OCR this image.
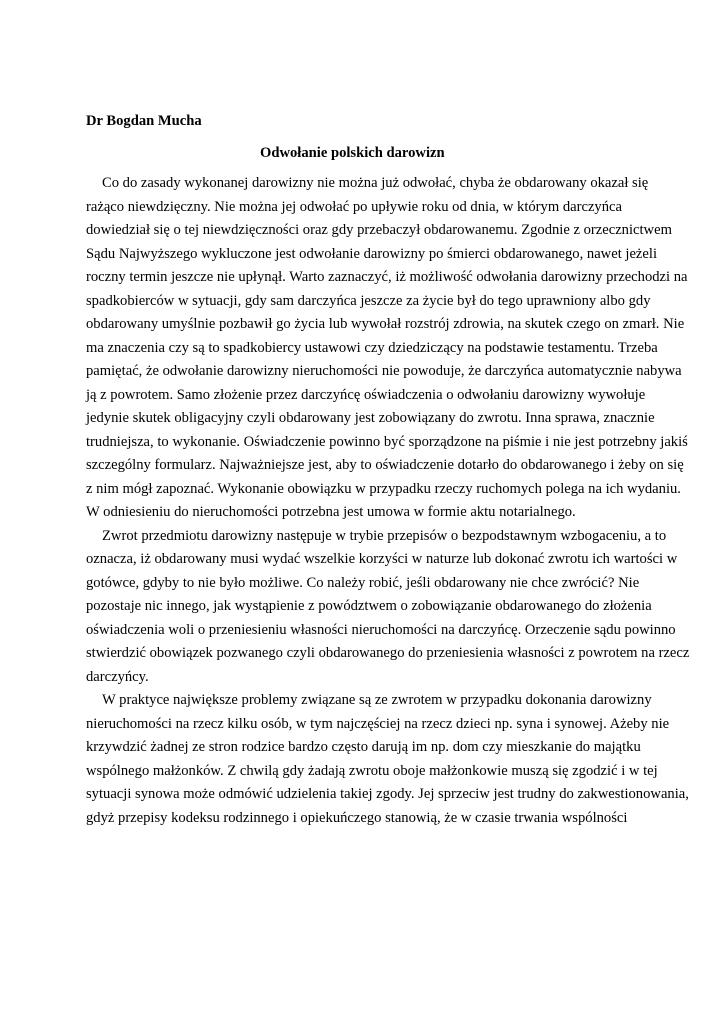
Dr Bogdan Mucha

Odwołanie polskich darowizn

Co do zasady wykonanej darowizny nie można już odwołać, chyba że obdarowany okazał się

rażąco niewdzięczny. Nie można jej odwołać po upływie roku od dnia, w którym darczyńca

dowiedział się o tej niewdzięczności oraz gdy przebaczył obdarowanemu. Zgodnie z orzecznictwem

Sądu Najwyższego wykluczone jest odwołanie darowizny po śmierci obdarowanego, nawet jeżeli

roczny termin jeszcze nie upłynął. Warto zaznaczyć, iż możliwość odwołania darowizny przechodzi na

spadkobierców w sytuacji, gdy sam darczyńca jeszcze za życie był do tego uprawniony albo gdy

obdarowany umyślnie pozbawił go życia lub wywołał rozstrój zdrowia, na skutek czego on zmarł. Nie

ma znaczenia czy są to spadkobiercy ustawowi czy dziedziczący na podstawie testamentu. Trzeba

pamiętać, że odwołanie darowizny nieruchomości nie powoduje, że darczyńca automatycznie nabywa

ją z powrotem. Samo złożenie przez darczyńcę oświadczenia o odwołaniu darowizny wywołuje

jedynie skutek obligacyjny czyli obdarowany jest zobowiązany do zwrotu. Inna sprawa, znacznie

trudniejsza, to wykonanie. Oświadczenie powinno być sporządzone na piśmie i nie jest potrzebny jakiś

szczególny formularz. Najważniejsze jest, aby to oświadczenie dotarło do obdarowanego i żeby on się

z nim mógł zapoznać. Wykonanie obowiązku w przypadku rzeczy ruchomych polega na ich wydaniu.

W odniesieniu do nieruchomości potrzebna jest umowa w formie aktu notarialnego.

Zwrot przedmiotu darowizny następuje w trybie przepisów o bezpodstawnym wzbogaceniu, a to

oznacza, iż obdarowany musi wydać wszelkie korzyści w naturze lub dokonać zwrotu ich wartości w

gotówce, gdyby to nie było możliwe. Co należy robić, jeśli obdarowany nie chce zwrócić? Nie

pozostaje nic innego, jak wystąpienie z powództwem o zobowiązanie obdarowanego do złożenia

oświadczenia woli o przeniesieniu własności nieruchomości na darczyńcę. Orzeczenie sądu powinno

stwierdzić obowiązek pozwanego czyli obdarowanego do przeniesienia własności z powrotem na rzecz

darczyńcy.

W praktyce największe problemy związane są ze zwrotem w przypadku dokonania darowizny

nieruchomości na rzecz kilku osób, w tym najczęściej na rzecz dzieci np. syna i synowej. Ażeby nie

krzywdzić żadnej ze stron rodzice bardzo często darują im np. dom czy mieszkanie do majątku

wspólnego małżonków. Z chwilą gdy żadają zwrotu oboje małżonkowie muszą się zgodzić i w tej

sytuacji synowa może odmówić udzielenia takiej zgody. Jej sprzeciw jest trudny do zakwestionowania,

gdyż przepisy kodeksu rodzinnego i opiekuńczego stanowią, że w czasie trwania wspólności
